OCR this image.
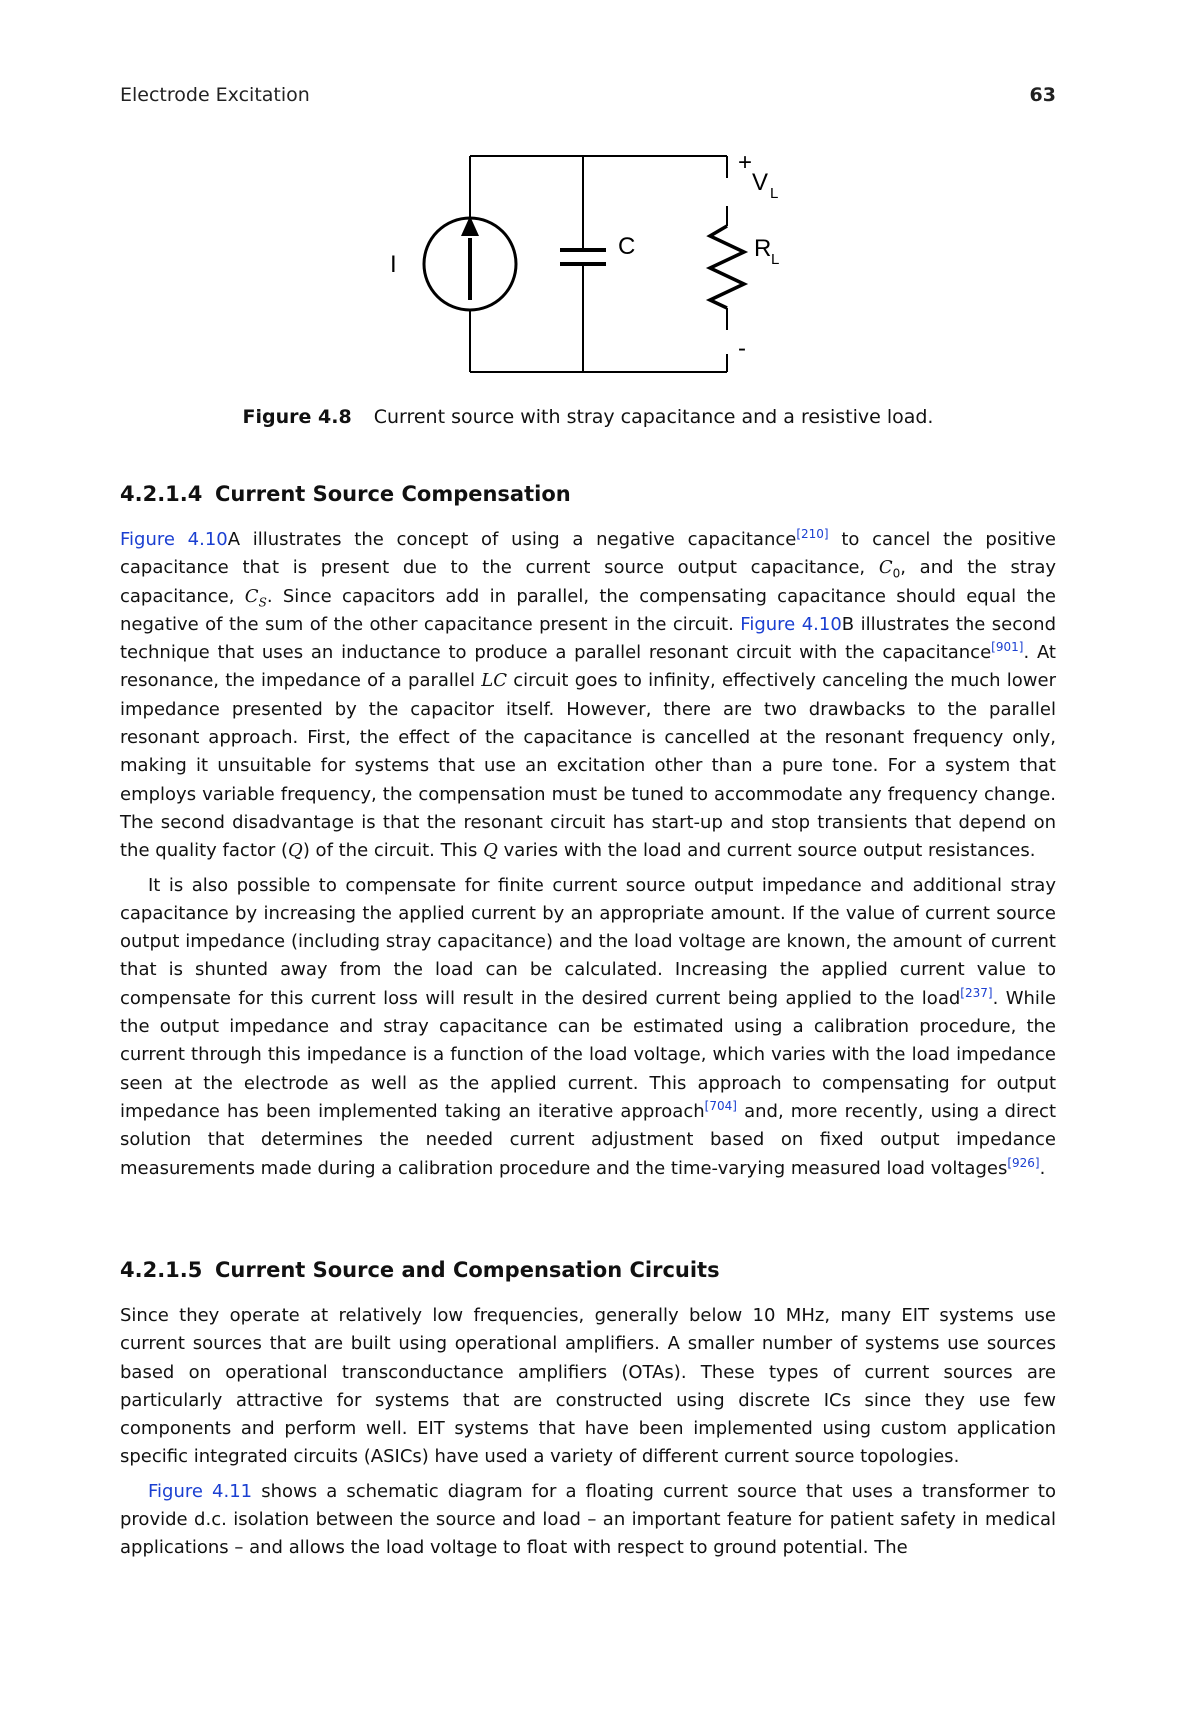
Electrode Excitation	63
I
C
+
-
V L
R L
Figure 4.8 Current source with stray capacitance and a resistive load.
4.2.1.4 Current Source Compensation

Figure 4.10A illustrates the concept of using a negative capacitance[210] to cancel the positive capacitance that is present due to the current source output capacitance, $C_0$, and the stray capacitance, $C_S$. Since capacitors add in parallel, the compensating capacitance should equal the negative of the sum of the other capacitance present in the circuit. Figure 4.10B illustrates the second technique that uses an inductance to produce a parallel resonant circuit with the capacitance[901]. At resonance, the impedance of a parallel LC circuit goes to infinity, effectively canceling the much lower impedance presented by the capacitor itself. However, there are two drawbacks to the parallel resonant approach. First, the effect of the capacitance is cancelled at the resonant frequency only, making it unsuitable for systems that use an excitation other than a pure tone. For a system that employs variable frequency, the compensation must be tuned to accommodate any frequency change. The second disadvantage is that the resonant circuit has start-up and stop transients that depend on the quality factor (Q) of the circuit. This Q varies with the load and current source output resistances.

It is also possible to compensate for finite current source output impedance and additional stray capacitance by increasing the applied current by an appropriate amount. If the value of current source output impedance (including stray capacitance) and the load voltage are known, the amount of current that is shunted away from the load can be calculated. Increasing the applied current value to compensate for this current loss will result in the desired current being applied to the load[237]. While the output impedance and stray capacitance can be estimated using a calibration procedure, the current through this impedance is a function of the load voltage, which varies with the load impedance seen at the electrode as well as the applied current. This approach to compensating for output impedance has been implemented taking an iterative approach[704] and, more recently, using a direct solution that determines the needed current adjustment based on fixed output impedance measurements made during a calibration procedure and the time-varying measured load voltages[926].

4.2.1.5 Current Source and Compensation Circuits

Since they operate at relatively low frequencies, generally below 10 MHz, many EIT systems use current sources that are built using operational amplifiers. A smaller number of systems use sources based on operational transconductance amplifiers (OTAs). These types of current sources are particularly attractive for systems that are constructed using discrete ICs since they use few components and perform well. EIT systems that have been implemented using custom application specific integrated circuits (ASICs) have used a variety of different current source topologies.

Figure 4.11 shows a schematic diagram for a floating current source that uses a transformer to provide d.c. isolation between the source and load – an important feature for patient safety in medical applications – and allows the load voltage to float with respect to ground potential. The
